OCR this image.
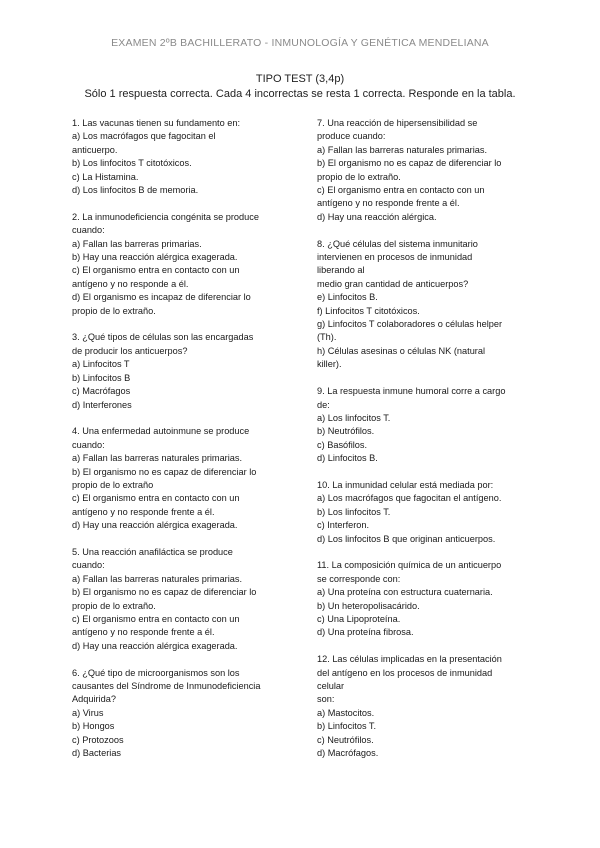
EXAMEN 2ºB BACHILLERATO - INMUNOLOGÍA Y GENÉTICA MENDELIANA
TIPO TEST (3,4p)
Sólo 1 respuesta correcta. Cada 4 incorrectas se resta 1 correcta. Responde en la tabla.
1. Las vacunas tienen su fundamento en:
a) Los macrófagos que fagocitan el
anticuerpo.
b) Los linfocitos T citotóxicos.
c) La Histamina.
d) Los linfocitos B de memoria.
2. La inmunodeficiencia congénita se produce
cuando:
a) Fallan las barreras primarias.
b) Hay una reacción alérgica exagerada.
c) El organismo entra en contacto con un
antígeno y no responde a él.
d) El organismo es incapaz de diferenciar lo
propio de lo extraño.
3. ¿Qué tipos de células son las encargadas
de producir los anticuerpos?
a) Linfocitos T
b) Linfocitos B
c) Macrófagos
d) Interferones
4. Una enfermedad autoinmune se produce
cuando:
a) Fallan las barreras naturales primarias.
b) El organismo no es capaz de diferenciar lo
propio de lo extraño
c) El organismo entra en contacto con un
antígeno y no responde frente a él.
d) Hay una reacción alérgica exagerada.
5. Una reacción anafiláctica se produce
cuando:
a) Fallan las barreras naturales primarias.
b) El organismo no es capaz de diferenciar lo
propio de lo extraño.
c) El organismo entra en contacto con un
antígeno y no responde frente a él.
d) Hay una reacción alérgica exagerada.
6. ¿Qué tipo de microorganismos son los
causantes del Síndrome de Inmunodeficiencia
Adquirida?
a) Virus
b) Hongos
c) Protozoos
d) Bacterias
7. Una reacción de hipersensibilidad se
produce cuando:
a) Fallan las barreras naturales primarias.
b) El organismo no es capaz de diferenciar lo
propio de lo extraño.
c) El organismo entra en contacto con un
antígeno y no responde frente a él.
d) Hay una reacción alérgica.
8. ¿Qué células del sistema inmunitario
intervienen en procesos de inmunidad
liberando al
medio gran cantidad de anticuerpos?
e) Linfocitos B.
f) Linfocitos T citotóxicos.
g) Linfocitos T colaboradores o células helper
(Th).
h) Células asesinas o células NK (natural
killer).
9. La respuesta inmune humoral corre a cargo
de:
a) Los linfocitos T.
b) Neutrófilos.
c) Basófilos.
d) Linfocitos B.
10. La inmunidad celular está mediada por:
a) Los macrófagos que fagocitan el antígeno.
b) Los linfocitos T.
c) Interferon.
d) Los linfocitos B que originan anticuerpos.
11. La composición química de un anticuerpo
se corresponde con:
a) Una proteína con estructura cuaternaria.
b) Un heteropolisacárido.
c) Una Lipoproteína.
d) Una proteína fibrosa.
12. Las células implicadas en la presentación
del antígeno en los procesos de inmunidad
celular
son:
a) Mastocitos.
b) Linfocitos T.
c) Neutrófilos.
d) Macrófagos.
